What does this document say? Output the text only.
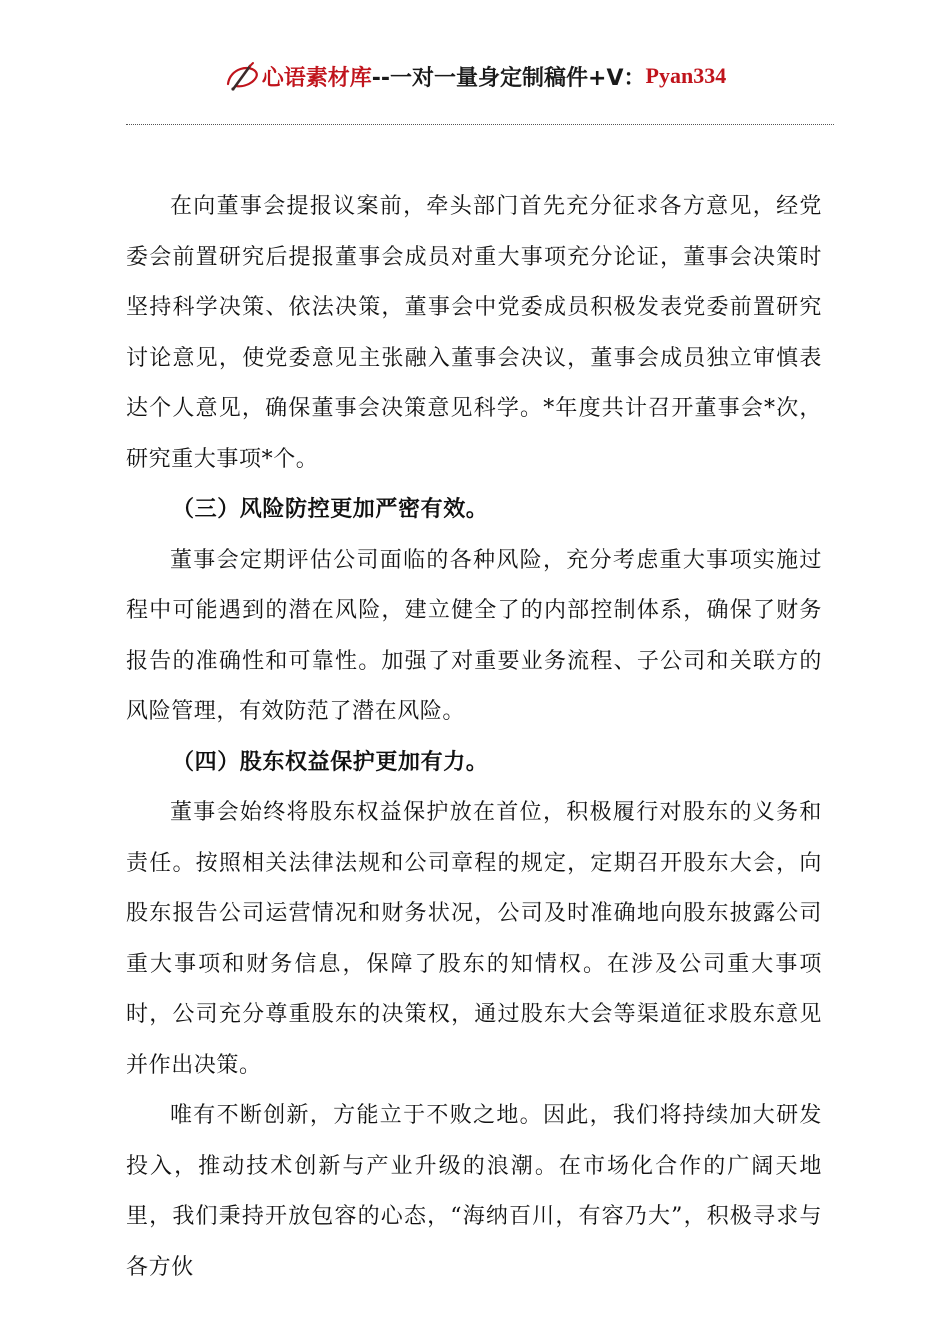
心语素材库--一对一量身定制稿件+V：Pyan334

在向董事会提报议案前，牵头部门首先充分征求各方意见，经党委会前置研究后提报董事会成员对重大事项充分论证，董事会决策时坚持科学决策、依法决策，董事会中党委成员积极发表党委前置研究讨论意见，使党委意见主张融入董事会决议，董事会成员独立审慎表达个人意见，确保董事会决策意见科学。*年度共计召开董事会*次，研究重大事项*个。

（三）风险防控更加严密有效。

董事会定期评估公司面临的各种风险，充分考虑重大事项实施过程中可能遇到的潜在风险，建立健全了的内部控制体系，确保了财务报告的准确性和可靠性。加强了对重要业务流程、子公司和关联方的风险管理，有效防范了潜在风险。

（四）股东权益保护更加有力。

董事会始终将股东权益保护放在首位，积极履行对股东的义务和责任。按照相关法律法规和公司章程的规定，定期召开股东大会，向股东报告公司运营情况和财务状况，公司及时准确地向股东披露公司重大事项和财务信息，保障了股东的知情权。在涉及公司重大事项时，公司充分尊重股东的决策权，通过股东大会等渠道征求股东意见并作出决策。

唯有不断创新，方能立于不败之地。因此，我们将持续加大研发投入，推动技术创新与产业升级的浪潮。在市场化合作的广阔天地里，我们秉持开放包容的心态，“海纳百川，有容乃大”，积极寻求与各方伙
